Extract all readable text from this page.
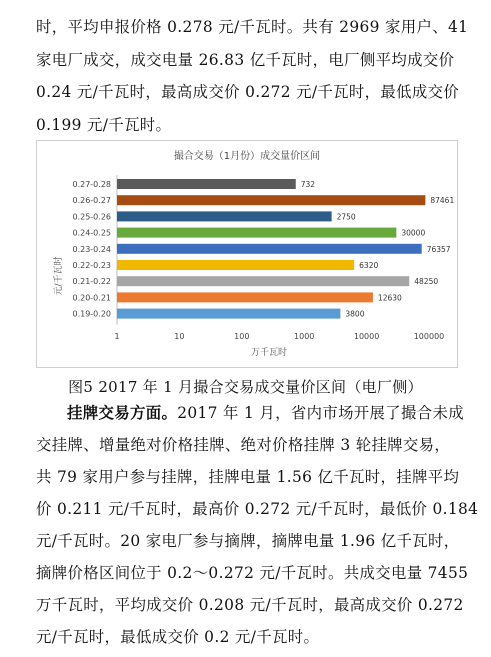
时，平均申报价格 0.278 元/千瓦时。共有 2969 家用户、41
家电厂成交，成交电量 26.83 亿千瓦时，电厂侧平均成交价
0.24 元/千瓦时，最高成交价 0.272 元/千瓦时，最低成交价
0.199 元/千瓦时。
撮合交易（1月份）成交量价区间
元/千瓦时
万千瓦时
0.27-0.28	732
0.26-0.27	87461
0.25-0.26	2750
0.24-0.25	30000
0.23-0.24	76357
0.22-0.23	6320
0.21-0.22	48250
0.20-0.21	12630
0.19-0.20	3800
1	10	100	1000	10000	100000
图5 2017 年 1 月撮合交易成交量价区间（电厂侧）
挂牌交易方面。2017 年 1 月，省内市场开展了撮合未成
交挂牌、增量绝对价格挂牌、绝对价格挂牌 3 轮挂牌交易，
共 79 家用户参与挂牌，挂牌电量 1.56 亿千瓦时，挂牌平均
价 0.211 元/千瓦时，最高价 0.272 元/千瓦时，最低价 0.184
元/千瓦时。20 家电厂参与摘牌，摘牌电量 1.96 亿千瓦时，
摘牌价格区间位于 0.2～0.272 元/千瓦时。共成交电量 7455
万千瓦时，平均成交价 0.208 元/千瓦时，最高成交价 0.272
元/千瓦时，最低成交价 0.2 元/千瓦时。
